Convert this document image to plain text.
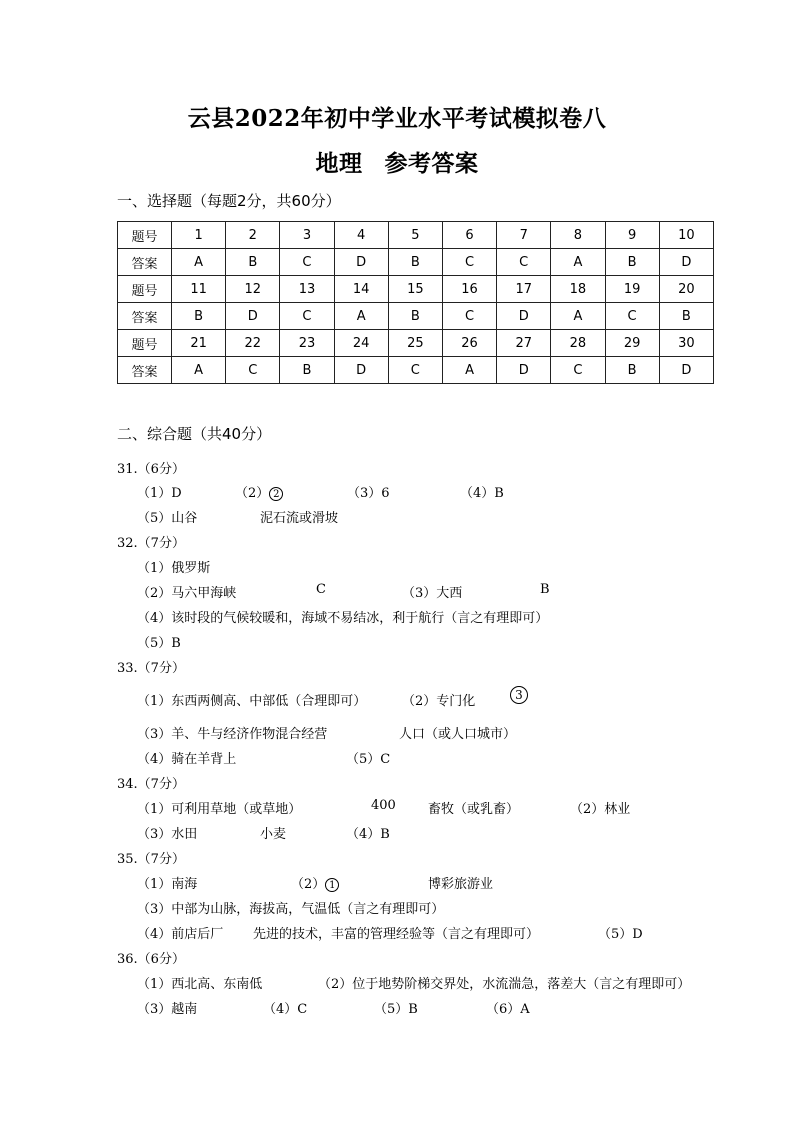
云县2022年初中学业水平考试模拟卷八
地理 参考答案
一、选择题（每题2分，共60分）
题号	1	2	3	4	5	6	7	8	9	10
答案	A	B	C	D	B	C	C	A	B	D
题号	11	12	13	14	15	16	17	18	19	20
答案	B	D	C	A	B	C	D	A	C	B
题号	21	22	23	24	25	26	27	28	29	30
答案	A	C	B	D	C	A	D	C	B	D
二、综合题（共40分）
31.（6分）
（1）D	（2） 2	（3）6	（4）B
（5）山谷	泥石流或滑坡
32.（7分）
（1）俄罗斯
（2）马六甲海峡	C	（3）大西	B
（4）该时段的气候较暖和，海域不易结冰，利于航行（言之有理即可）
（5）B
33.（7分）
（1）东西两侧高、中部低（合理即可）	（2）专门化	3
（3）羊、牛与经济作物混合经营	人口（或人口城市）
（4）骑在羊背上	（5）C
34.（7分）
（1）可利用草地（或草地）	400 畜牧（或乳畜）	（2）林业
（3）水田	小麦	（4）B
35.（7分）
（1）南海	（2） 1	博彩旅游业
（3）中部为山脉，海拔高，气温低（言之有理即可）
（4）前店后厂 先进的技术，丰富的管理经验等（言之有理即可）	（5）D
36.（6分）
（1）西北高、东南低	（2）位于地势阶梯交界处，水流湍急，落差大（言之有理即可）
（3）越南	（4）C	（5）B	（6）A
